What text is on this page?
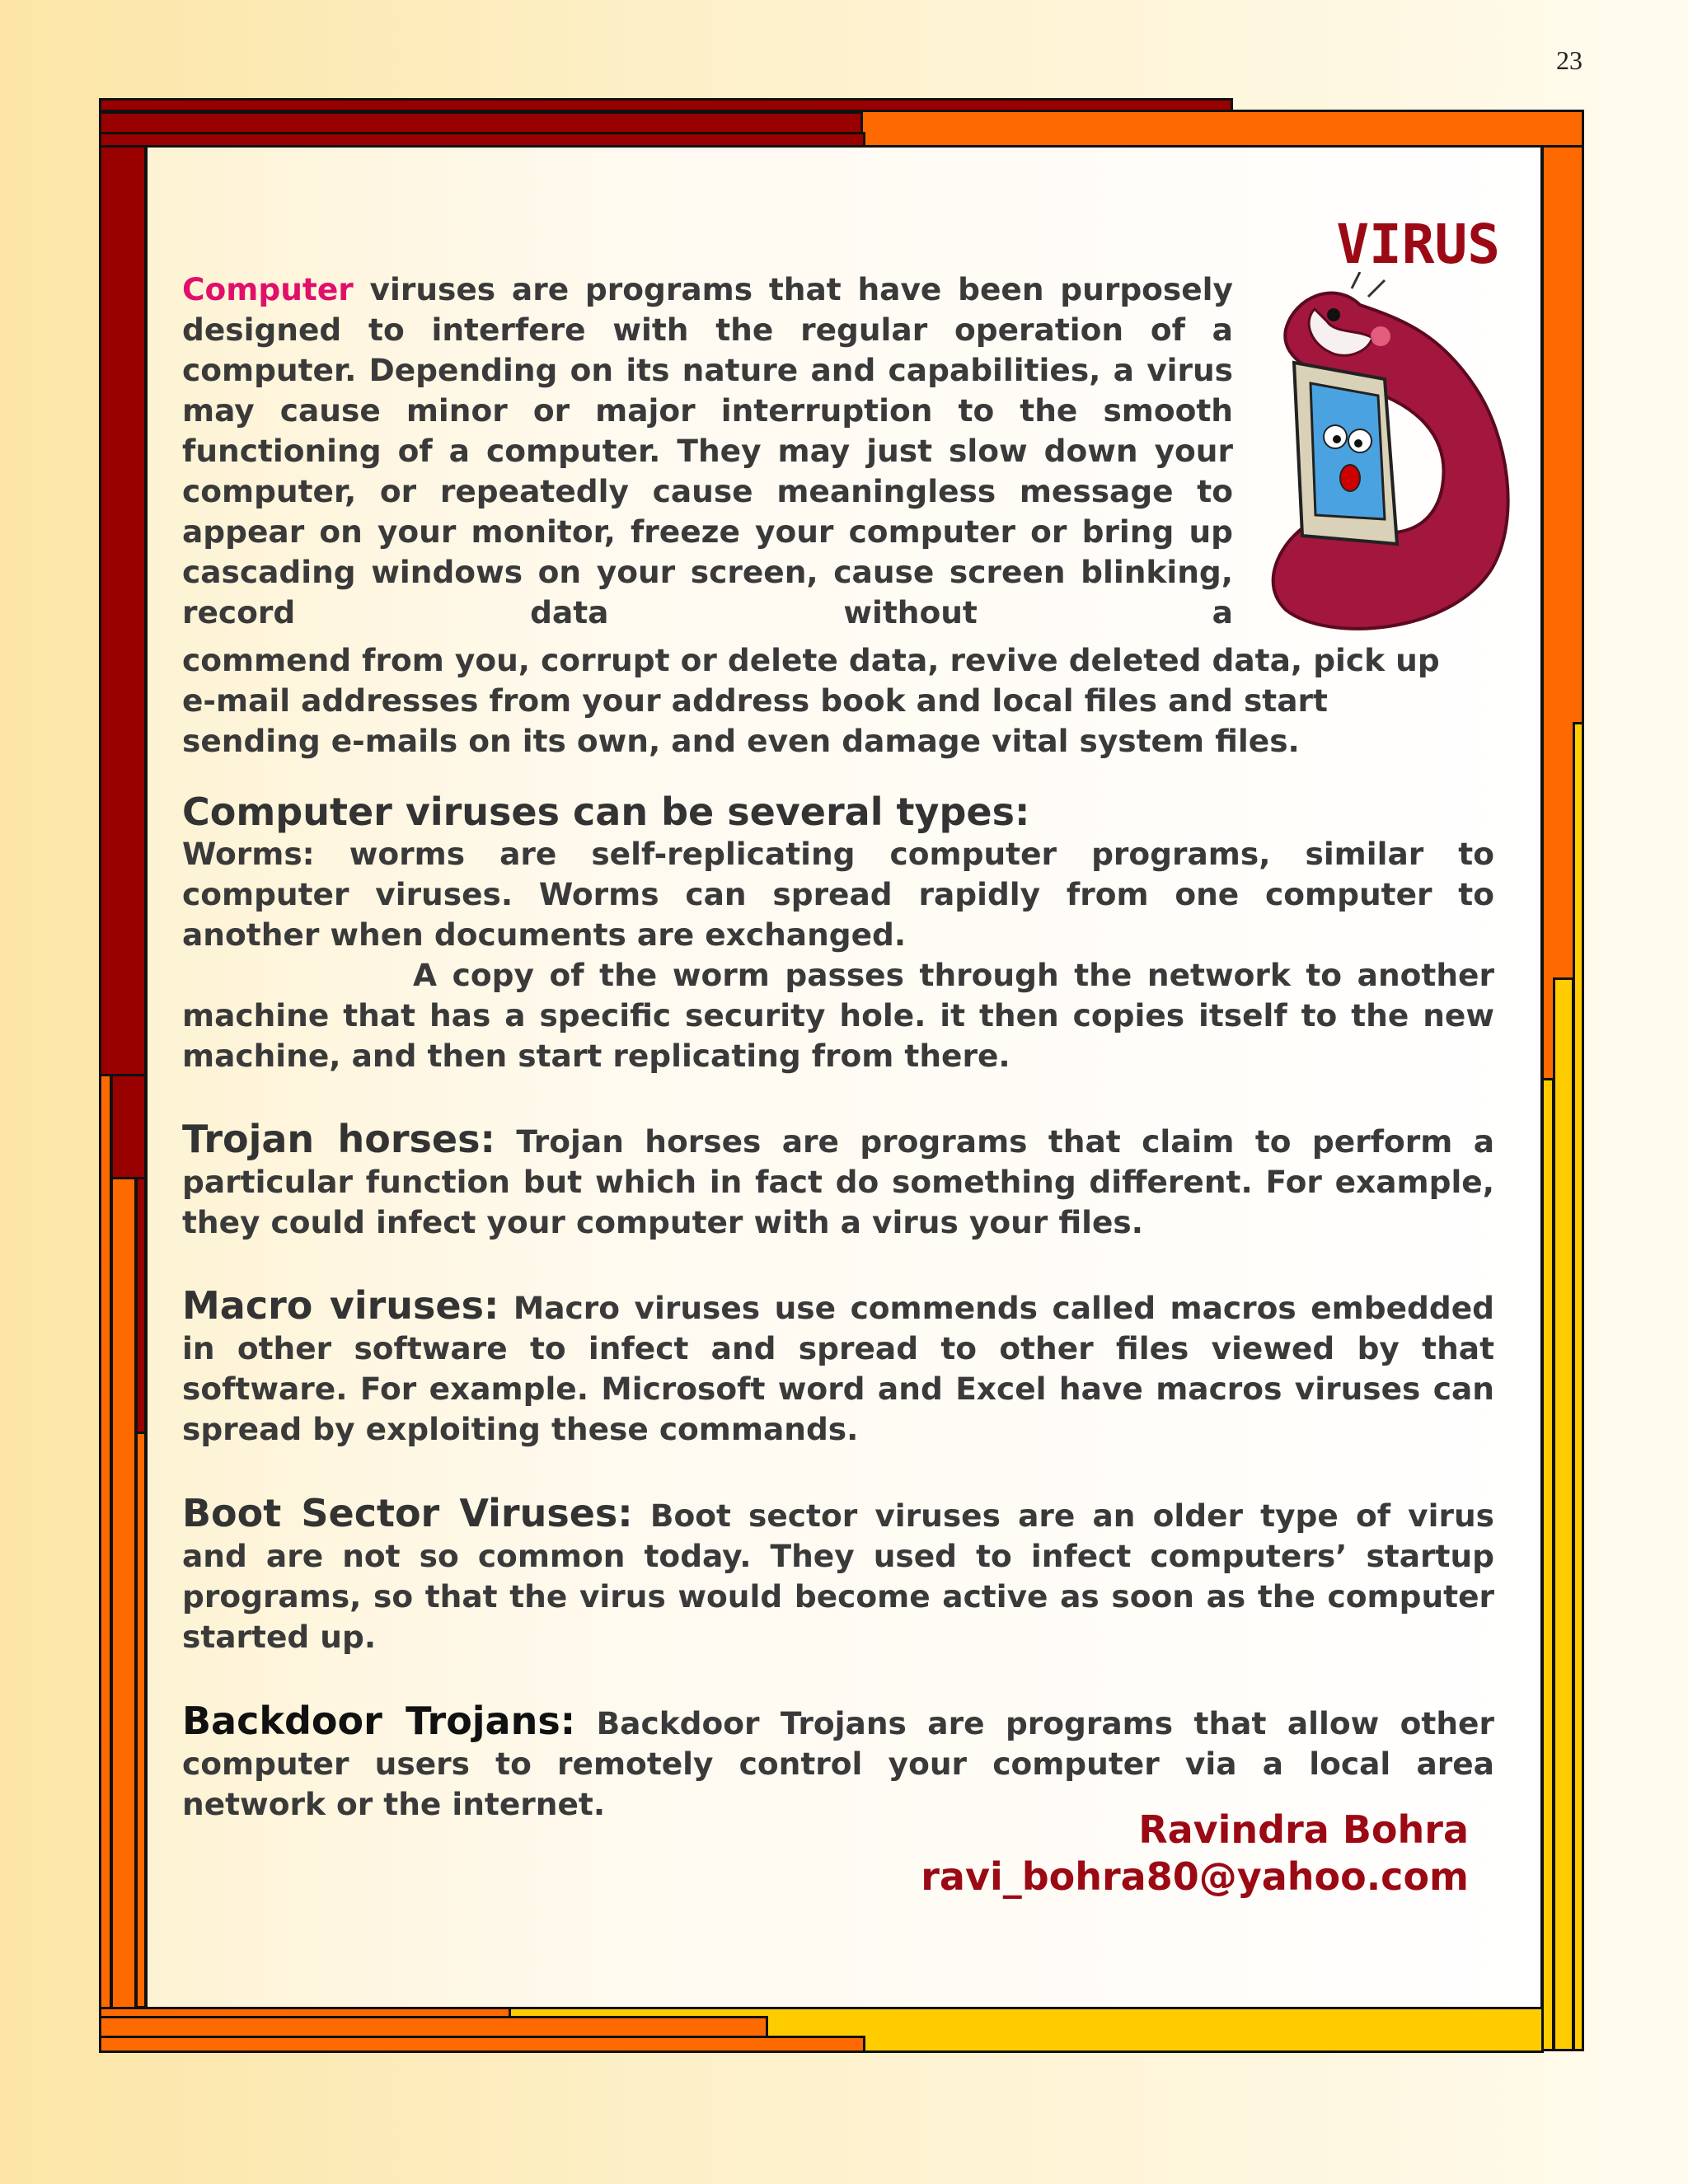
23
VIRUS

Computer viruses are programs that have been purposely designed to interfere with the regular operation of a computer. Depending on its nature and capabilities, a virus may cause minor or major interruption to the smooth functioning of a computer. They may just slow down your computer, or repeatedly cause meaningless message to appear on your monitor, freeze your computer or bring up cascading windows on your screen, cause screen blinking, record data without a

commend from you, corrupt or delete data, revive deleted data, pick up e-mail addresses from your address book and local files and start sending e-mails on its own, and even damage vital system files.

Computer viruses can be several types:

Worms: worms are self-replicating computer programs, similar to computer viruses. Worms can spread rapidly from one computer to another when documents are exchanged.

A copy of the worm passes through the network to another machine that has a specific security hole. it then copies itself to the new machine, and then start replicating from there.

Trojan horses: Trojan horses are programs that claim to perform a particular function but which in fact do something different. For example, they could infect your computer with a virus your files.

Macro viruses: Macro viruses use commends called macros embedded in other software to infect and spread to other files viewed by that software. For example. Microsoft word and Excel have macros viruses can spread by exploiting these commands.

Boot Sector Viruses: Boot sector viruses are an older type of virus and are not so common today. They used to infect computers’ startup programs, so that the virus would become active as soon as the computer started up.

Backdoor Trojans: Backdoor Trojans are programs that allow other computer users to remotely control your computer via a local area network or the internet.

Ravindra Bohra

ravi_bohra80@yahoo.com
